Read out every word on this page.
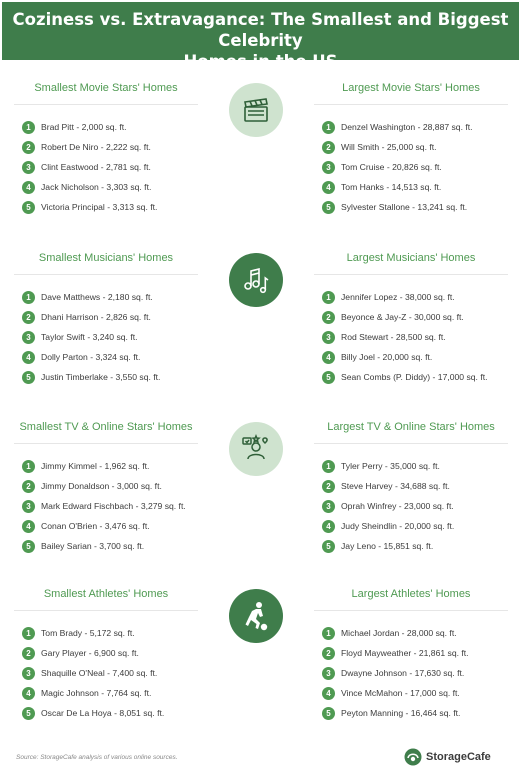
Coziness vs. Extravagance: The Smallest and Biggest Celebrity
Homes in the US
Smallest Movie Stars' Homes	Largest Movie Stars' Homes
1	Brad Pitt - 2,000 sq. ft.
2	Robert De Niro - 2,222 sq. ft.
3	Clint Eastwood - 2,781 sq. ft.
4	Jack Nicholson - 3,303 sq. ft.
5	Victoria Principal - 3,313 sq. ft.
1	Denzel Washington - 28,887 sq. ft.
2	Will Smith - 25,000 sq. ft.
3	Tom Cruise - 20,826 sq. ft.
4	Tom Hanks - 14,513 sq. ft.
5	Sylvester Stallone - 13,241 sq. ft.
Smallest Musicians' Homes	Largest Musicians' Homes
1	Dave Matthews - 2,180 sq. ft.
2	Dhani Harrison - 2,826 sq. ft.
3	Taylor Swift - 3,240 sq. ft.
4	Dolly Parton - 3,324 sq. ft.
5	Justin Timberlake - 3,550 sq. ft.
1	Jennifer Lopez - 38,000 sq. ft.
2	Beyonce & Jay-Z - 30,000 sq. ft.
3	Rod Stewart - 28,500 sq. ft.
4	Billy Joel - 20,000 sq. ft.
5	Sean Combs (P. Diddy) - 17,000 sq. ft.
Smallest TV & Online Stars' Homes	Largest TV & Online Stars' Homes
1	Jimmy Kimmel - 1,962 sq. ft.
2	Jimmy Donaldson - 3,000 sq. ft.
3	Mark Edward Fischbach - 3,279 sq. ft.
4	Conan O'Brien - 3,476 sq. ft.
5	Bailey Sarian - 3,700 sq. ft.
1	Tyler Perry - 35,000 sq. ft.
2	Steve Harvey - 34,688 sq. ft.
3	Oprah Winfrey - 23,000 sq. ft.
4	Judy Sheindlin - 20,000 sq. ft.
5	Jay Leno - 15,851 sq. ft.
Smallest Athletes' Homes	Largest Athletes' Homes
1	Tom Brady - 5,172 sq. ft.
2	Gary Player - 6,900 sq. ft.
3	Shaquille O'Neal - 7,400 sq. ft.
4	Magic Johnson - 7,764 sq. ft.
5	Oscar De La Hoya - 8,051 sq. ft.
1	Michael Jordan - 28,000 sq. ft.
2	Floyd Mayweather - 21,861 sq. ft.
3	Dwayne Johnson - 17,630 sq. ft.
4	Vince McMahon - 17,000 sq. ft.
5	Peyton Manning - 16,464 sq. ft.
Source: StorageCafe analysis of various online sources.	StorageCafe
